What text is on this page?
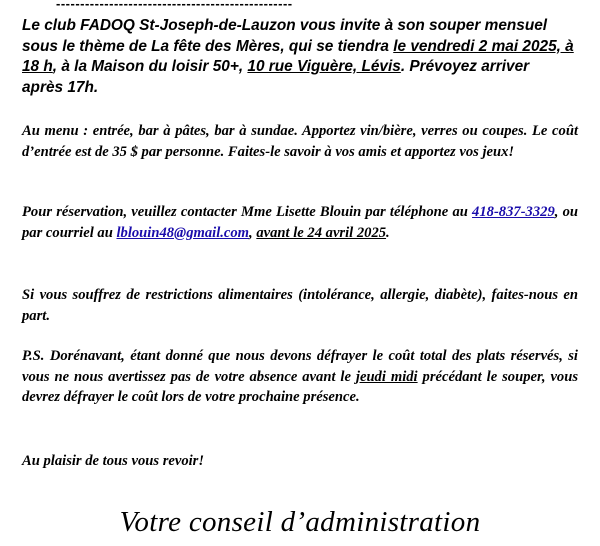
-------------------------------------------------
Le club FADOQ St-Joseph-de-Lauzon vous invite à son souper mensuel sous le thème de La fête des Mères, qui se tiendra le vendredi 2 mai 2025, à 18 h, à la Maison du loisir 50+, 10 rue Viguère, Lévis. Prévoyez arriver après 17h.
Au menu : entrée, bar à pâtes, bar à sundae. Apportez vin/bière, verres ou coupes. Le coût d’entrée est de 35 $ par personne. Faites-le savoir à vos amis et apportez vos jeux!
Pour réservation, veuillez contacter Mme Lisette Blouin par téléphone au 418-837-3329, ou par courriel au lblouin48@gmail.com, avant le 24 avril 2025.
Si vous souffrez de restrictions alimentaires (intolérance, allergie, diabète), faites-nous en part.
P.S. Dorénavant, étant donné que nous devons défrayer le coût total des plats réservés, si vous ne nous avertissez pas de votre absence avant le jeudi midi précédant le souper, vous devrez défrayer le coût lors de votre prochaine présence.
Au plaisir de tous vous revoir!
Votre conseil d’administration
